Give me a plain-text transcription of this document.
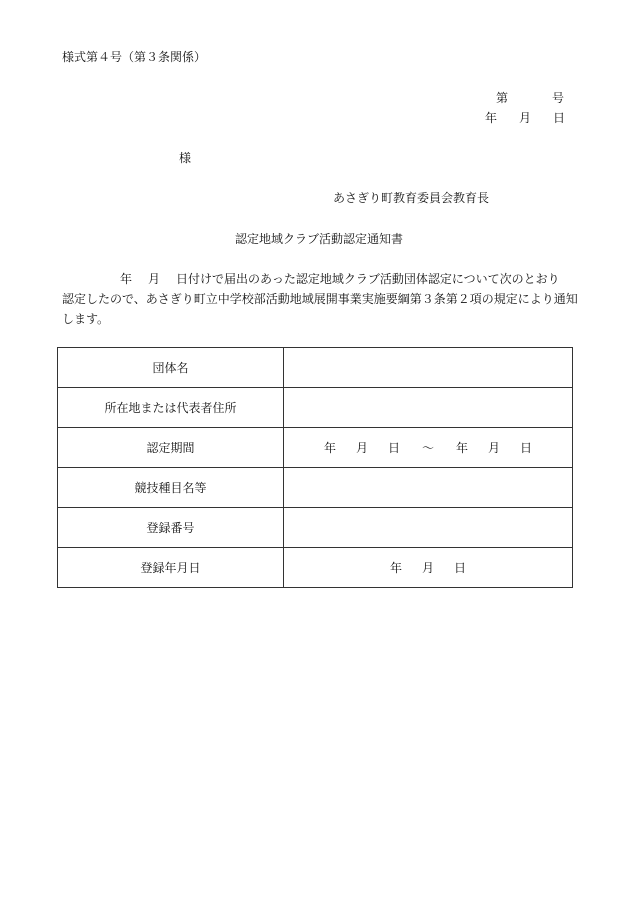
様式第４号（第３条関係）
第	号
年 月 日
様
あさぎり町教育委員会教育長
認定地域クラブ活動認定通知書
年 月 日付けで届出のあった認定地域クラブ活動団体認定について次のとおり
認定したので、あさぎり町立中学校部活動地域展開事業実施要綱第３条第２項の規定により通知
します。
団体名	
所在地または代表者住所	
認定期間	年 月 日 ～ 年 月 日
競技種目名等	
登録番号	
登録年月日	年 月 日
